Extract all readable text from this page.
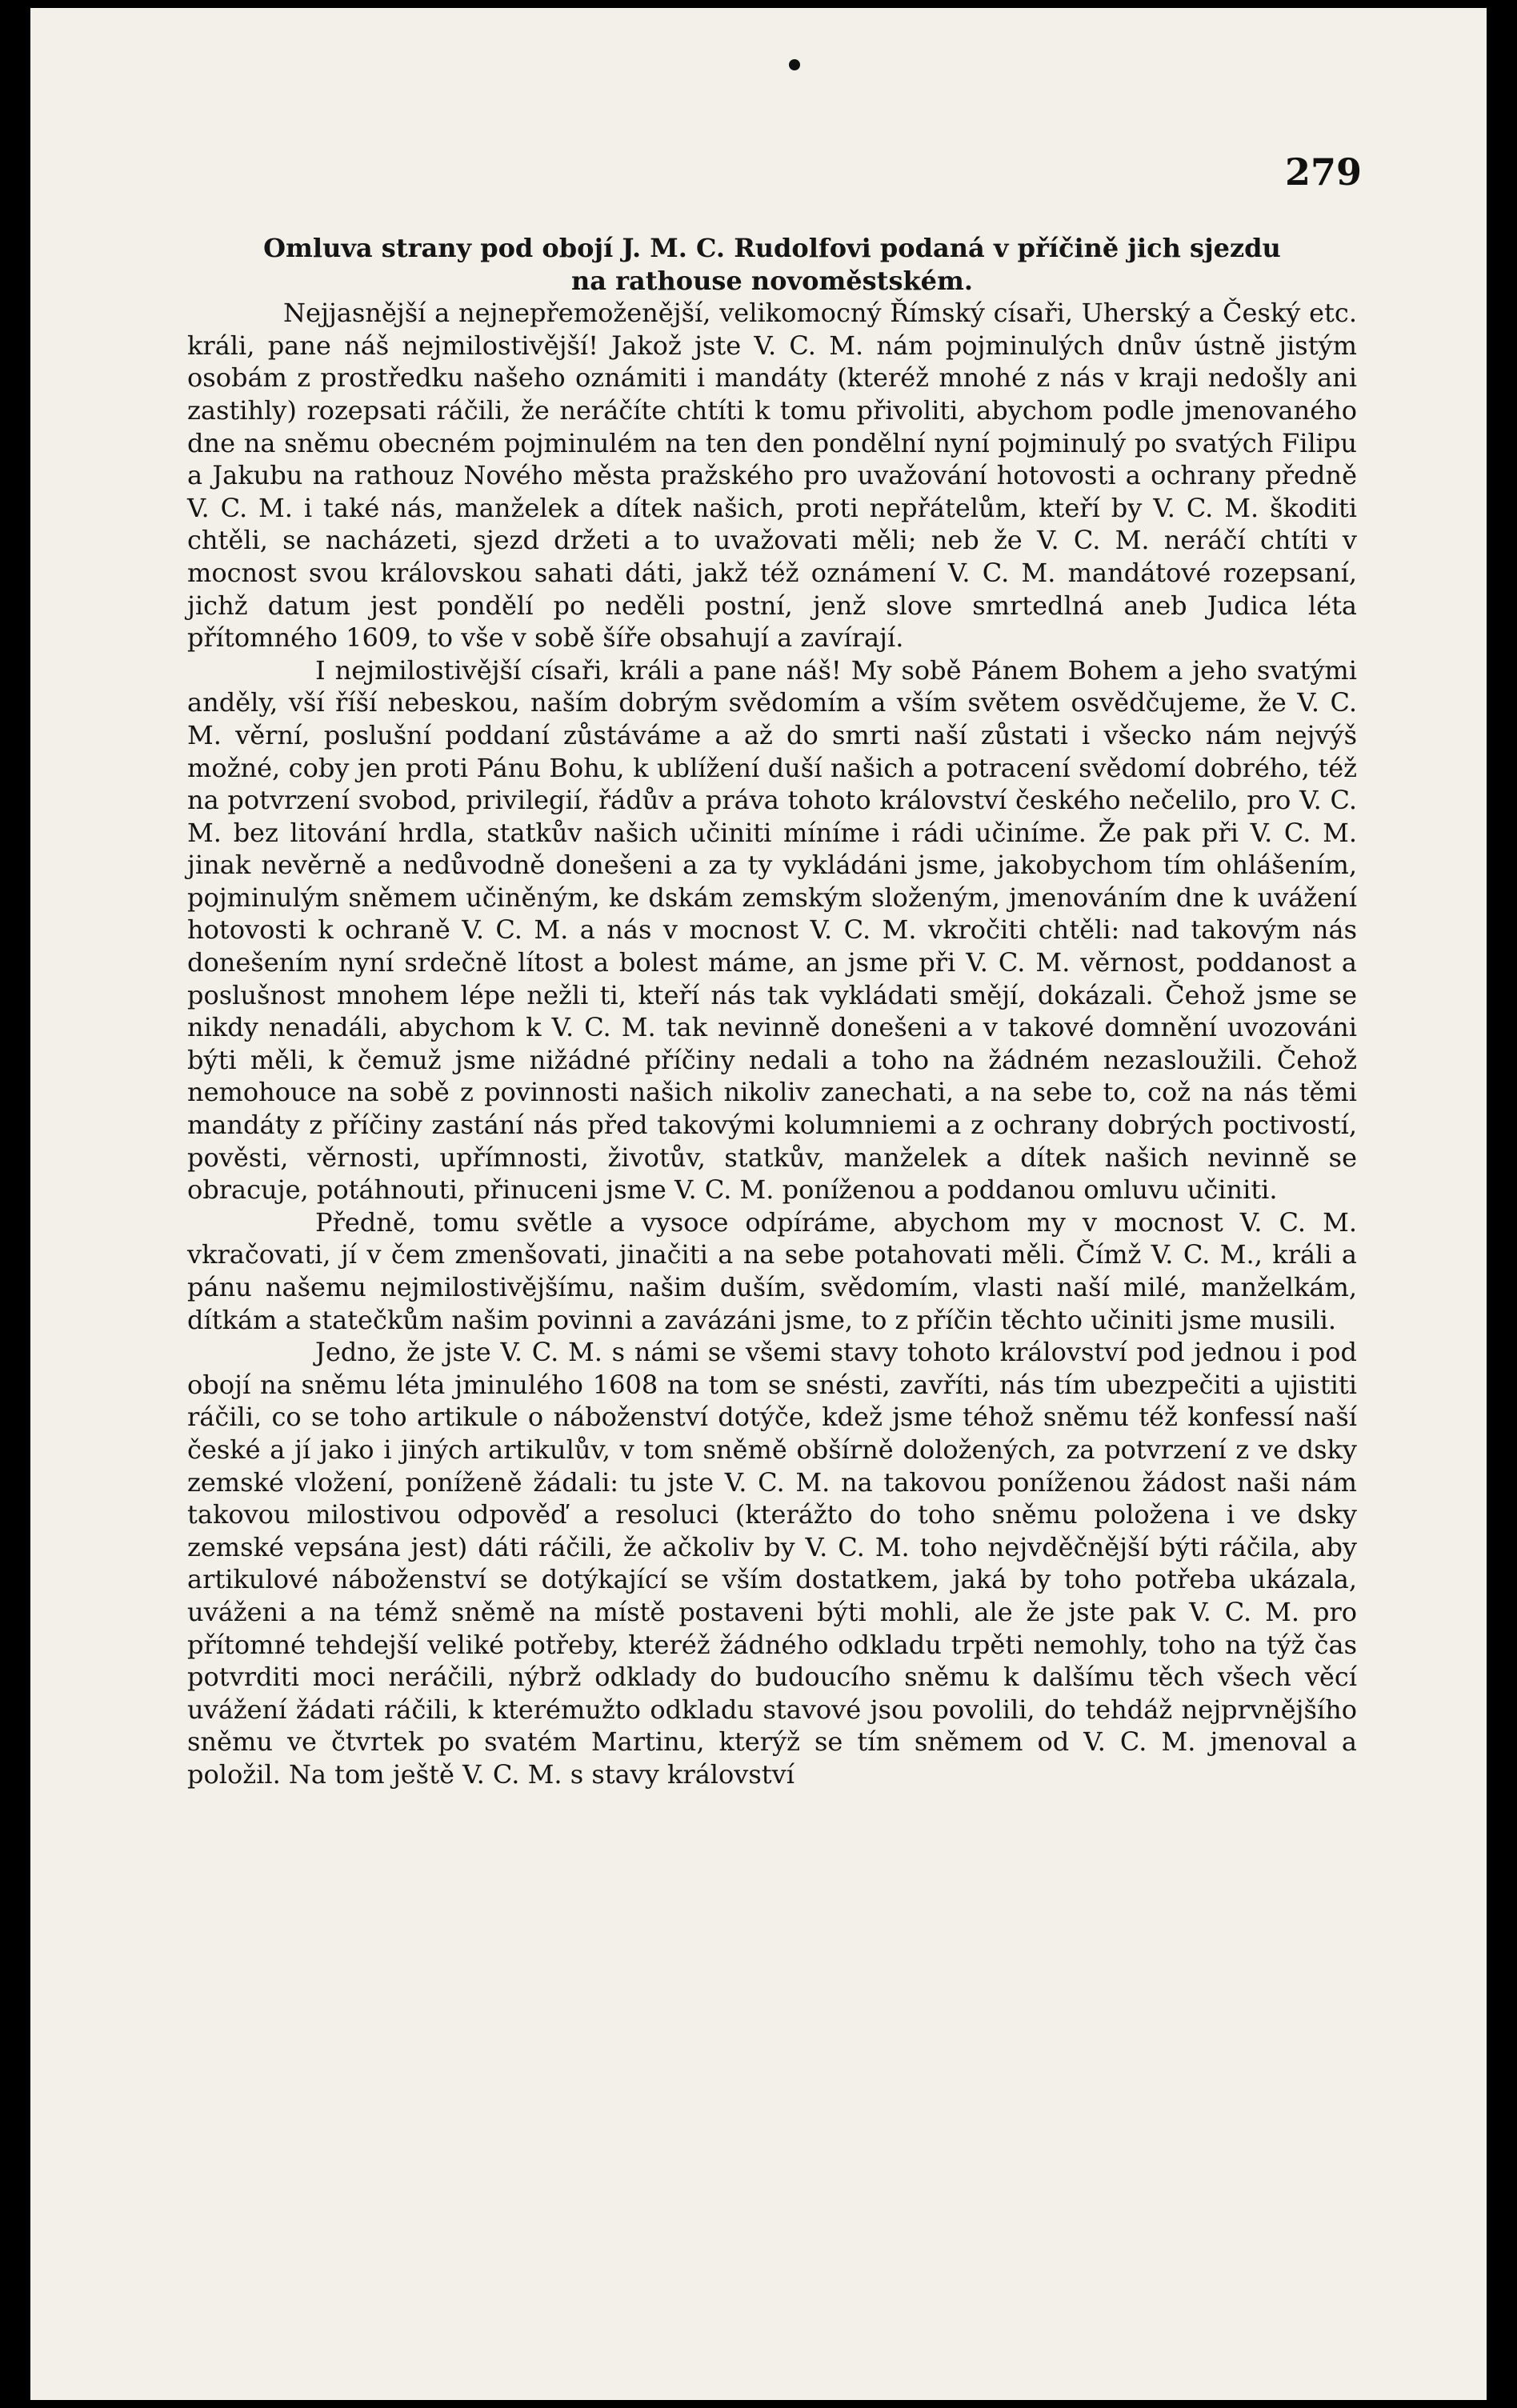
279
Omluva strany pod obojí J. M. C. Rudolfovi podaná v příčině jich sjezdu
na rathouse novoměstském.

Nejjasnější a nejnepřemoženější, velikomocný Římský císaři, Uherský a Český etc. králi, pane náš nejmilostivější! Jakož jste V. C. M. nám pojminulých dnův ústně jistým osobám z prostředku našeho oznámiti i mandáty (kteréž mnohé z nás v kraji nedošly ani zastihly) rozepsati ráčili, že neráčíte chtíti k tomu přivoliti, abychom podle jmenovaného dne na sněmu obecném pojminulém na ten den pondělní nyní pojminulý po svatých Filipu a Jakubu na rathouz Nového města pražského pro uvažování hotovosti a ochrany předně V. C. M. i také nás, manželek a dítek našich, proti nepřátelům, kteří by V. C. M. škoditi chtěli, se nacházeti, sjezd držeti a to uvažovati měli; neb že V. C. M. neráčí chtíti v mocnost svou královskou sahati dáti, jakž též oznámení V. C. M. mandátové rozepsaní, jichž datum jest pondělí po neděli postní, jenž slove smrtedlná aneb Judica léta přítomného 1609, to vše v sobě šíře obsahují a zavírají.

I nejmilostivější císaři, králi a pane náš! My sobě Pánem Bohem a jeho svatými anděly, vší říší nebeskou, naším dobrým svědomím a vším světem osvědčujeme, že V. C. M. věrní, poslušní poddaní zůstáváme a až do smrti naší zůstati i všecko nám nejvýš možné, coby jen proti Pánu Bohu, k ublížení duší našich a potracení svědomí dobrého, též na potvrzení svobod, privilegií, řádův a práva tohoto království českého nečelilo, pro V. C. M. bez litování hrdla, statkův našich učiniti míníme i rádi učiníme. Že pak při V. C. M. jinak nevěrně a nedůvodně donešeni a za ty vykládáni jsme, jakobychom tím ohlášením, pojminulým sněmem učiněným, ke dskám zemským složeným, jmenováním dne k uvážení hotovosti k ochraně V. C. M. a nás v mocnost V. C. M. vkročiti chtěli: nad takovým nás donešením nyní srdečně lítost a bolest máme, an jsme při V. C. M. věrnost, poddanost a poslušnost mnohem lépe nežli ti, kteří nás tak vykládati smějí, dokázali. Čehož jsme se nikdy nenadáli, abychom k V. C. M. tak nevinně donešeni a v takové domnění uvozováni býti měli, k čemuž jsme nižádné příčiny nedali a toho na žádném nezasloužili. Čehož nemohouce na sobě z povinnosti našich nikoliv zanechati, a na sebe to, což na nás těmi mandáty z příčiny zastání nás před takovými kolumniemi a z ochrany dobrých poctivostí, pověsti, věrnosti, upřímnosti, životův, statkův, manželek a dítek našich nevinně se obracuje, potáhnouti, přinuceni jsme V. C. M. poníženou a poddanou omluvu učiniti.

Předně, tomu světle a vysoce odpíráme, abychom my v mocnost V. C. M. vkračovati, jí v čem zmenšovati, jinačiti a na sebe potahovati měli. Čímž V. C. M., králi a pánu našemu nejmilostivějšímu, našim duším, svědomím, vlasti naší milé, manželkám, dítkám a statečkům našim povinni a zavázáni jsme, to z příčin těchto učiniti jsme musili.

Jedno, že jste V. C. M. s námi se všemi stavy tohoto království pod jednou i pod obojí na sněmu léta jminulého 1608 na tom se snésti, zavříti, nás tím ubezpečiti a ujistiti ráčili, co se toho artikule o náboženství dotýče, kdež jsme téhož sněmu též konfessí naší české a jí jako i jiných artikulův, v tom sněmě obšírně doložených, za potvrzení z ve dsky zemské vložení, poníženě žádali: tu jste V. C. M. na takovou poníženou žádost naši nám takovou milostivou odpověď a resoluci (kterážto do toho sněmu položena i ve dsky zemské vepsána jest) dáti ráčili, že ačkoliv by V. C. M. toho nejvděčnější býti ráčila, aby artikulové náboženství se dotýkající se vším dostatkem, jaká by toho potřeba ukázala, uváženi a na témž sněmě na místě postaveni býti mohli, ale že jste pak V. C. M. pro přítomné tehdejší veliké potřeby, kteréž žádného odkladu trpěti nemohly, toho na týž čas potvrditi moci neráčili, nýbrž odklady do budoucího sněmu k dalšímu těch všech věcí uvážení žádati ráčili, k kterémužto odkladu stavové jsou povolili, do tehdáž nejprvnějšího sněmu ve čtvrtek po svatém Martinu, kterýž se tím sněmem od V. C. M. jmenoval a položil. Na tom ještě V. C. M. s stavy království
